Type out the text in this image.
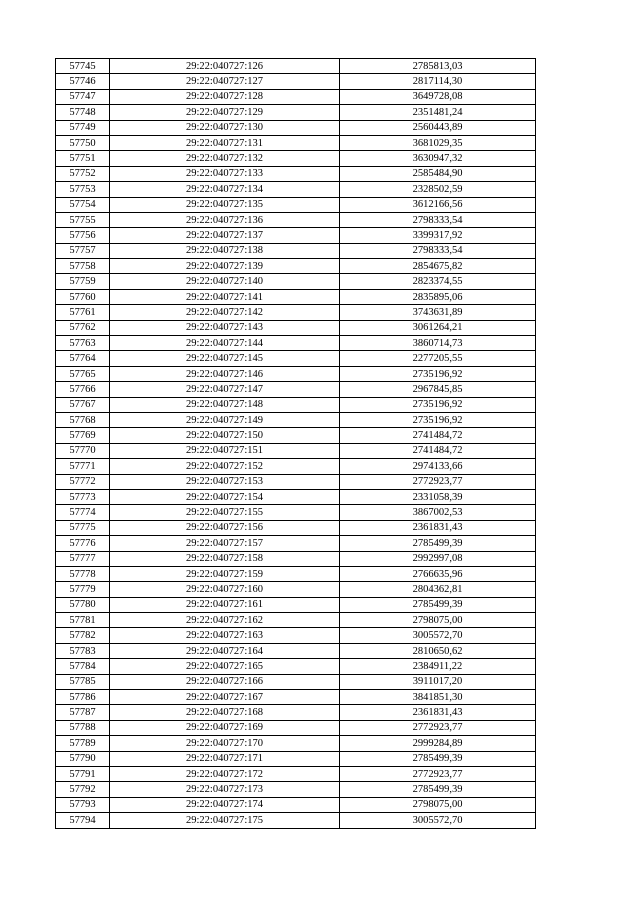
57745	29:22:040727:126	2785813,03
57746	29:22:040727:127	2817114,30
57747	29:22:040727:128	3649728,08
57748	29:22:040727:129	2351481,24
57749	29:22:040727:130	2560443,89
57750	29:22:040727:131	3681029,35
57751	29:22:040727:132	3630947,32
57752	29:22:040727:133	2585484,90
57753	29:22:040727:134	2328502,59
57754	29:22:040727:135	3612166,56
57755	29:22:040727:136	2798333,54
57756	29:22:040727:137	3399317,92
57757	29:22:040727:138	2798333,54
57758	29:22:040727:139	2854675,82
57759	29:22:040727:140	2823374,55
57760	29:22:040727:141	2835895,06
57761	29:22:040727:142	3743631,89
57762	29:22:040727:143	3061264,21
57763	29:22:040727:144	3860714,73
57764	29:22:040727:145	2277205,55
57765	29:22:040727:146	2735196,92
57766	29:22:040727:147	2967845,85
57767	29:22:040727:148	2735196,92
57768	29:22:040727:149	2735196,92
57769	29:22:040727:150	2741484,72
57770	29:22:040727:151	2741484,72
57771	29:22:040727:152	2974133,66
57772	29:22:040727:153	2772923,77
57773	29:22:040727:154	2331058,39
57774	29:22:040727:155	3867002,53
57775	29:22:040727:156	2361831,43
57776	29:22:040727:157	2785499,39
57777	29:22:040727:158	2992997,08
57778	29:22:040727:159	2766635,96
57779	29:22:040727:160	2804362,81
57780	29:22:040727:161	2785499,39
57781	29:22:040727:162	2798075,00
57782	29:22:040727:163	3005572,70
57783	29:22:040727:164	2810650,62
57784	29:22:040727:165	2384911,22
57785	29:22:040727:166	3911017,20
57786	29:22:040727:167	3841851,30
57787	29:22:040727:168	2361831,43
57788	29:22:040727:169	2772923,77
57789	29:22:040727:170	2999284,89
57790	29:22:040727:171	2785499,39
57791	29:22:040727:172	2772923,77
57792	29:22:040727:173	2785499,39
57793	29:22:040727:174	2798075,00
57794	29:22:040727:175	3005572,70
